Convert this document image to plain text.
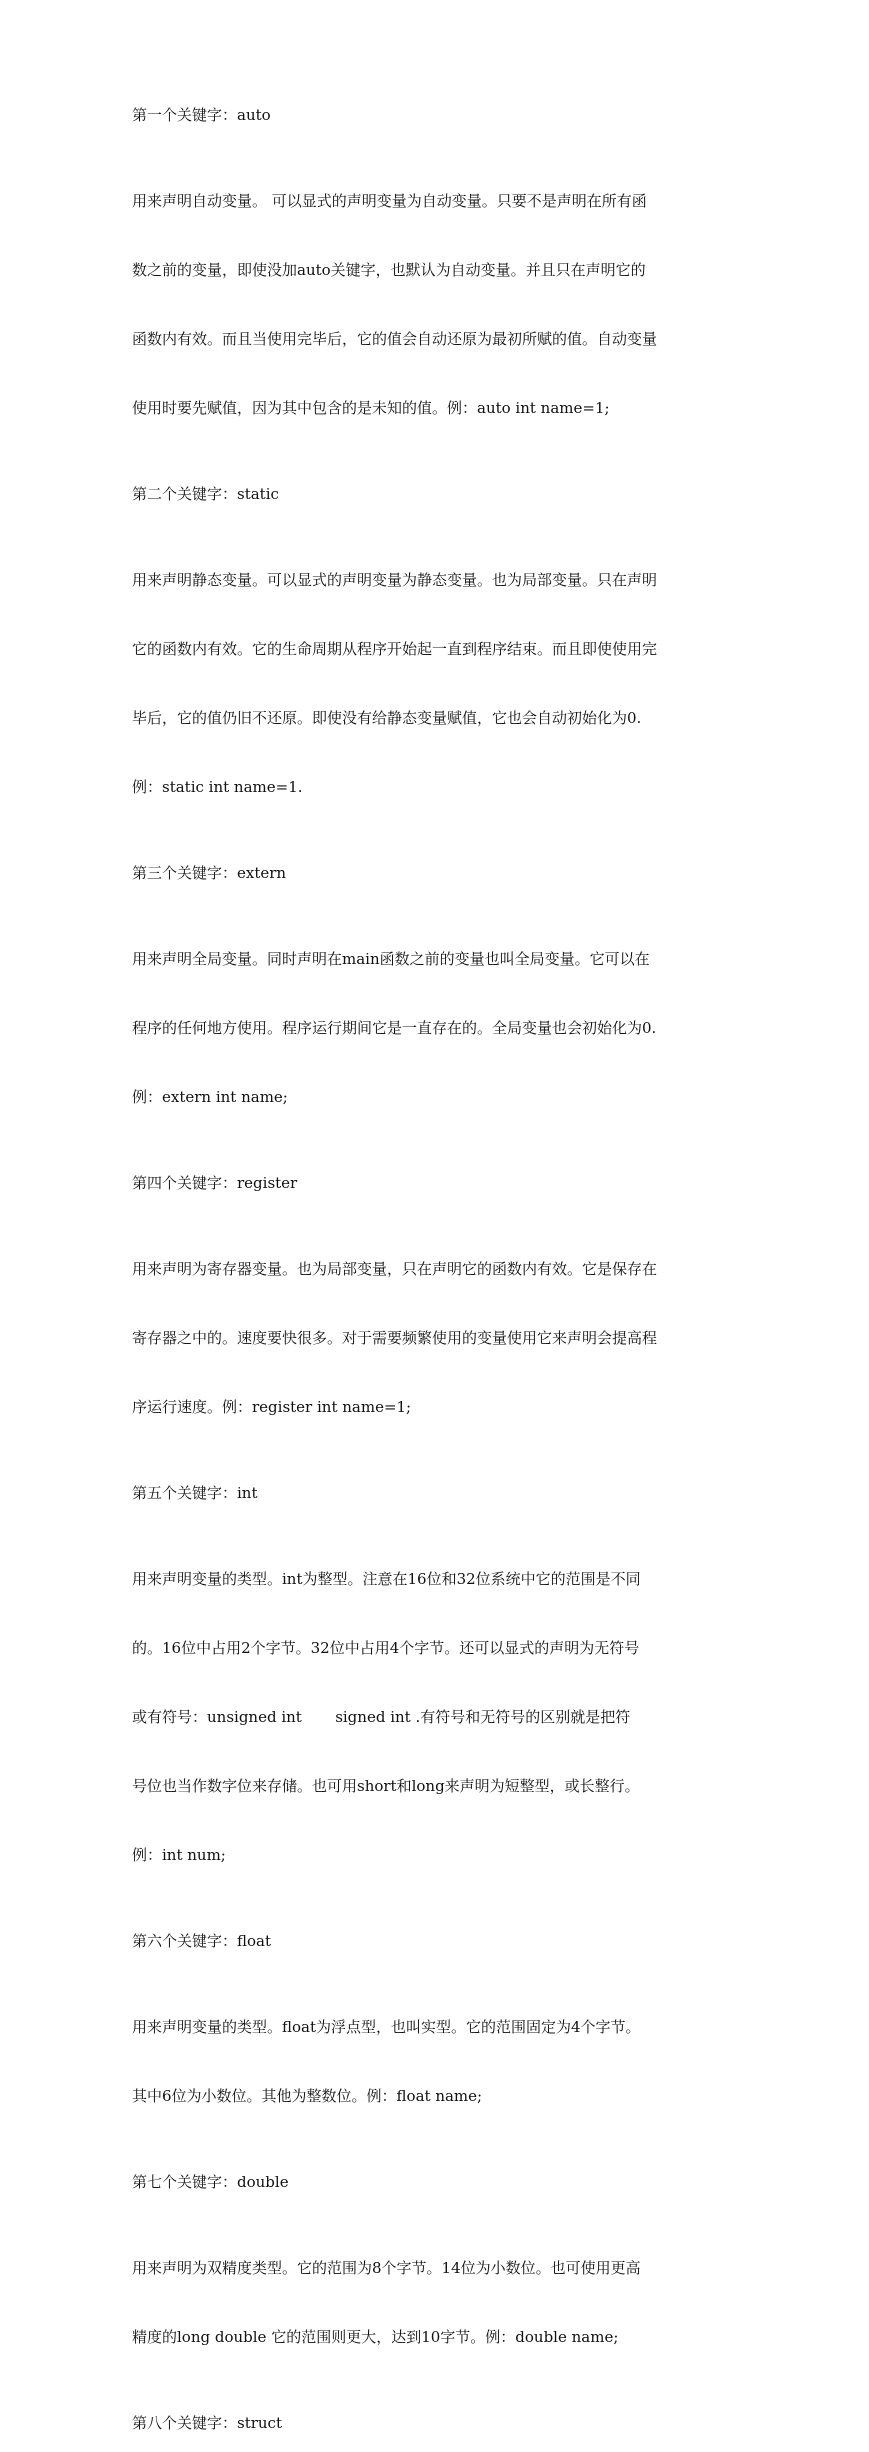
第一个关键字：auto

用来声明自动变量。 可以显式的声明变量为自动变量。只要不是声明在所有函

数之前的变量，即使没加auto关键字，也默认为自动变量。并且只在声明它的

函数内有效。而且当使用完毕后，它的值会自动还原为最初所赋的值。自动变量

使用时要先赋值，因为其中包含的是未知的值。例：auto int name=1;

第二个关键字：static

用来声明静态变量。可以显式的声明变量为静态变量。也为局部变量。只在声明

它的函数内有效。它的生命周期从程序开始起一直到程序结束。而且即使使用完

毕后，它的值仍旧不还原。即使没有给静态变量赋值，它也会自动初始化为0.

例：static int name=1.

第三个关键字：extern

用来声明全局变量。同时声明在main函数之前的变量也叫全局变量。它可以在

程序的任何地方使用。程序运行期间它是一直存在的。全局变量也会初始化为0.

例：extern int name;

第四个关键字：register

用来声明为寄存器变量。也为局部变量，只在声明它的函数内有效。它是保存在

寄存器之中的。速度要快很多。对于需要频繁使用的变量使用它来声明会提高程

序运行速度。例：register int name=1;

第五个关键字：int

用来声明变量的类型。int为整型。注意在16位和32位系统中它的范围是不同

的。16位中占用2个字节。32位中占用4个字节。还可以显式的声明为无符号

或有符号：unsigned int       signed int .有符号和无符号的区别就是把符

号位也当作数字位来存储。也可用short和long来声明为短整型，或长整行。

例：int num;

第六个关键字：float

用来声明变量的类型。float为浮点型，也叫实型。它的范围固定为4个字节。

其中6位为小数位。其他为整数位。例：float name;

第七个关键字：double

用来声明为双精度类型。它的范围为8个字节。14位为小数位。也可使用更高

精度的long double 它的范围则更大，达到10字节。例：double name;

第八个关键字：struct
